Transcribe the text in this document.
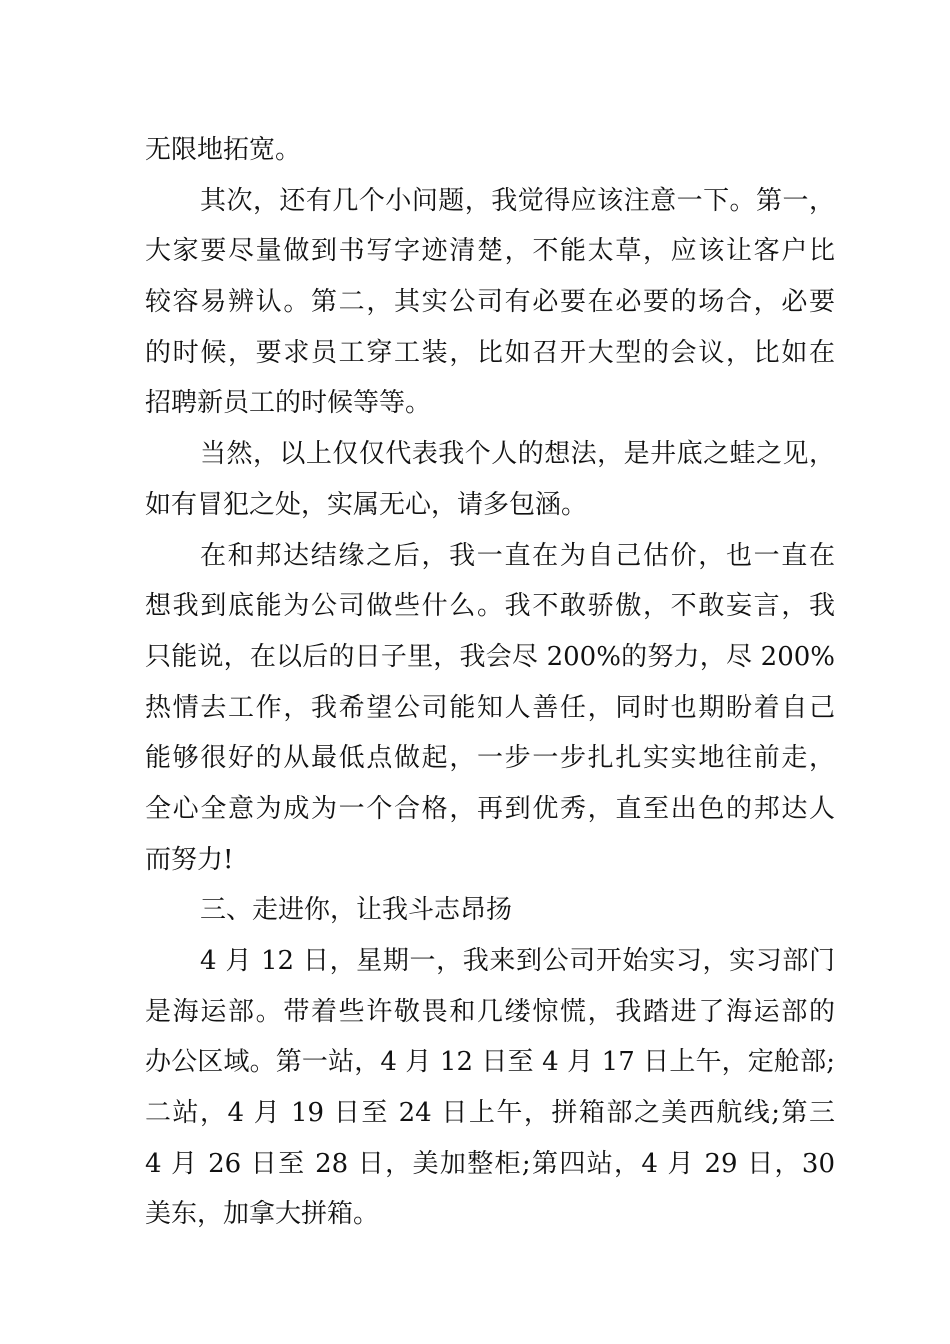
无限地拓宽。
其次，还有几个小问题，我觉得应该注意一下。第一，
大家要尽量做到书写字迹清楚，不能太草，应该让客户比
较容易辨认。第二，其实公司有必要在必要的场合，必要
的时候，要求员工穿工装，比如召开大型的会议，比如在
招聘新员工的时候等等。
当然，以上仅仅代表我个人的想法，是井底之蛙之见，
如有冒犯之处，实属无心，请多包涵。
在和邦达结缘之后，我一直在为自己估价，也一直在
想我到底能为公司做些什么。我不敢骄傲，不敢妄言，我
只能说，在以后的日子里，我会尽 200%的努力，尽 200%
热情去工作，我希望公司能知人善任，同时也期盼着自己
能够很好的从最低点做起，一步一步扎扎实实地往前走，
全心全意为成为一个合格，再到优秀，直至出色的邦达人
而努力!
三、走进你，让我斗志昂扬
4 月 12 日，星期一，我来到公司开始实习，实习部门
是海运部。带着些许敬畏和几缕惊慌，我踏进了海运部的
办公区域。第一站，4 月 12 日至 4 月 17 日上午，定舱部;
二站，4 月 19 日至 24 日上午，拼箱部之美西航线;第三
4 月 26 日至 28 日，美加整柜;第四站，4 月 29 日，30
美东，加拿大拼箱。
